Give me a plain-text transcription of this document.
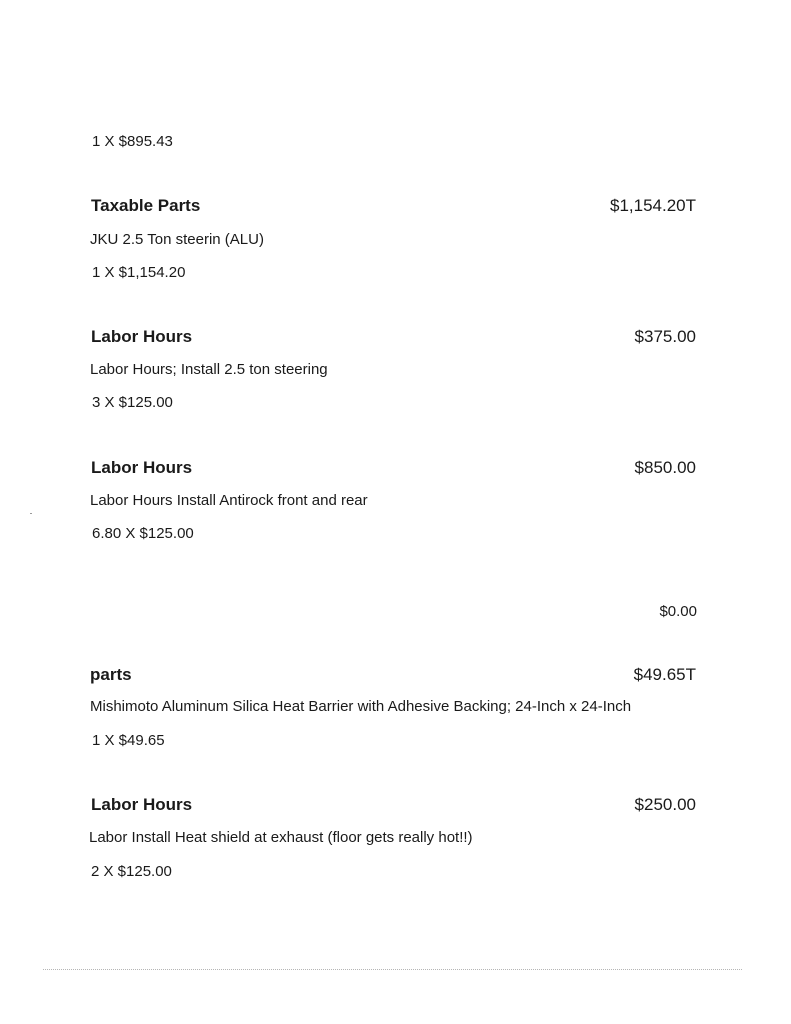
1 X $895.43
Taxable Parts	$1,154.20T
JKU 2.5 Ton steerin (ALU)
1 X $1,154.20
Labor Hours	$375.00
Labor Hours; Install 2.5 ton steering
3 X $125.00
Labor Hours	$850.00
Labor Hours Install Antirock front and rear
6.80 X $125.00
$0.00
parts	$49.65T
Mishimoto Aluminum Silica Heat Barrier with Adhesive Backing; 24-Inch x 24-Inch
1 X $49.65
Labor Hours	$250.00
Labor Install Heat shield at exhaust (floor gets really hot!!)
2 X $125.00
